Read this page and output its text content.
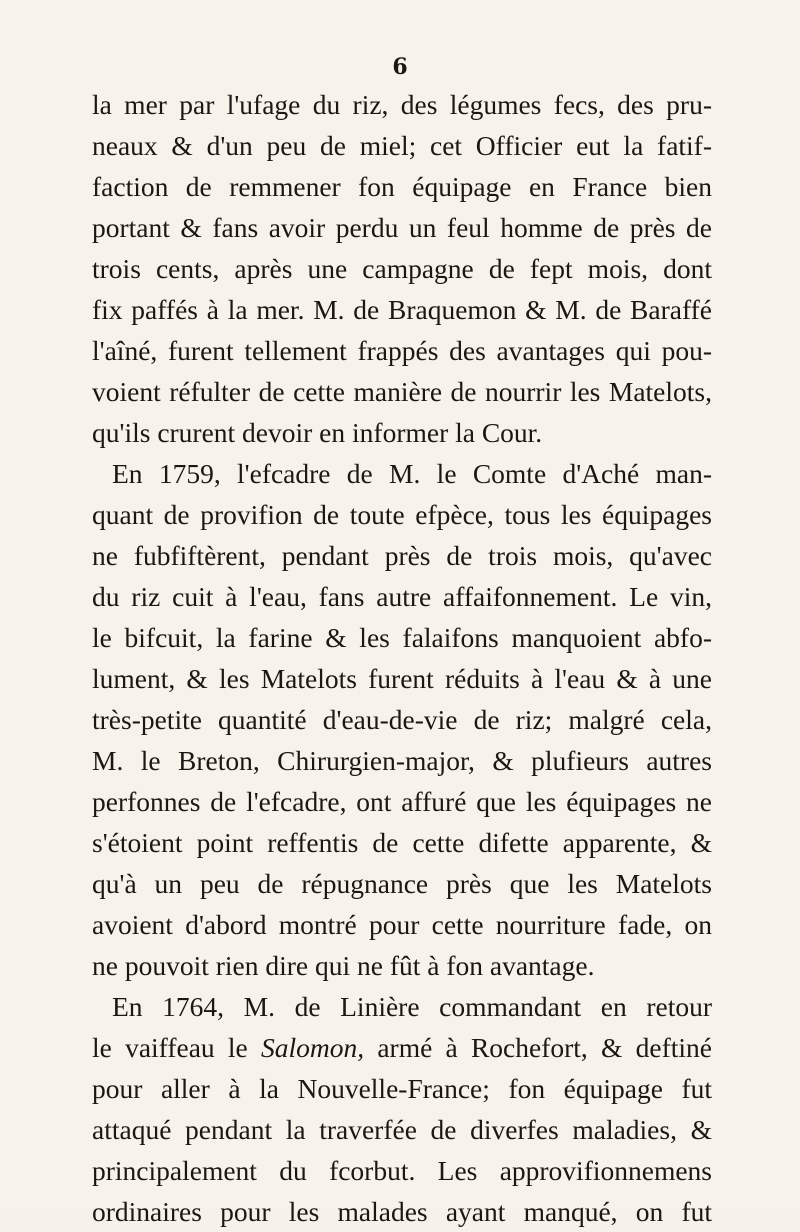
6
la mer par l'ufage du riz, des légumes fecs, des pru-
neaux & d'un peu de miel; cet Officier eut la fatif-
faction de remmener fon équipage en France bien
portant & fans avoir perdu un feul homme de près de
trois cents, après une campagne de fept mois, dont
fix paffés à la mer. M. de Braquemon & M. de Baraffé
l'aîné, furent tellement frappés des avantages qui pou-
voient réfulter de cette manière de nourrir les Matelots,
qu'ils crurent devoir en informer la Cour.
En 1759, l'efcadre de M. le Comte d'Aché man-
quant de provifion de toute efpèce, tous les équipages
ne fubfiftèrent, pendant près de trois mois, qu'avec
du riz cuit à l'eau, fans autre affaifonnement. Le vin,
le bifcuit, la farine & les falaifons manquoient abfo-
lument, & les Matelots furent réduits à l'eau & à une
très-petite quantité d'eau-de-vie de riz; malgré cela,
M. le Breton, Chirurgien-major, & plufieurs autres
perfonnes de l'efcadre, ont affuré que les équipages ne
s'étoient point reffentis de cette difette apparente, &
qu'à un peu de répugnance près que les Matelots
avoient d'abord montré pour cette nourriture fade, on
ne pouvoit rien dire qui ne fût à fon avantage.
En 1764, M. de Linière commandant en retour
le vaiffeau le Salomon, armé à Rochefort, & deftiné
pour aller à la Nouvelle-France; fon équipage fut
attaqué pendant la traverfée de diverfes maladies, &
principalement du fcorbut. Les approvifionnemens
ordinaires pour les malades ayant manqué, on fut
